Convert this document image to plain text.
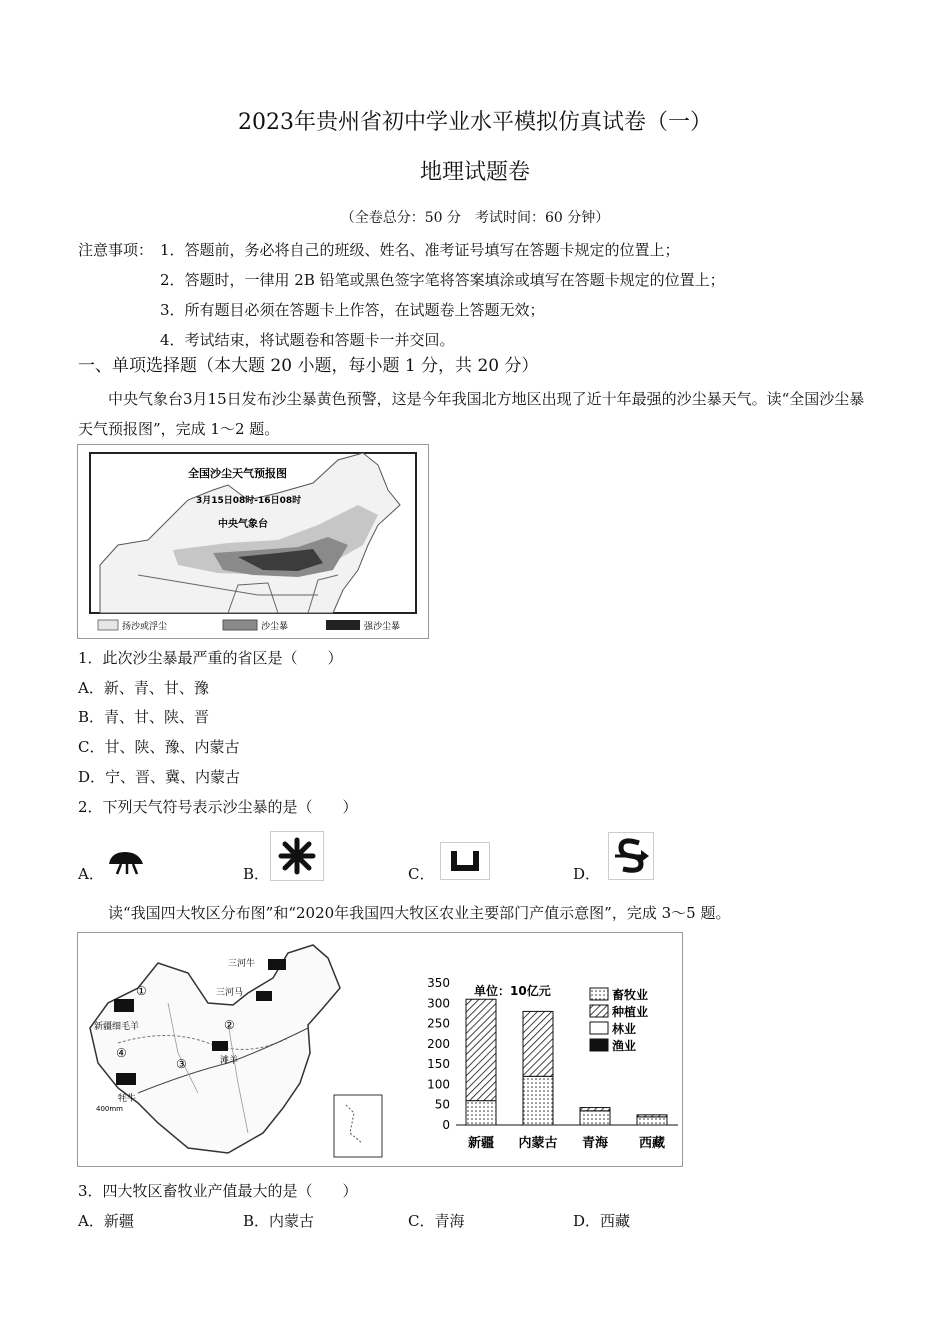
2023年贵州省初中学业水平模拟仿真试卷（一）
地理试题卷
（全卷总分：50 分　考试时间：60 分钟）
注意事项： 1．答题前，务必将自己的班级、姓名、准考证号填写在答题卡规定的位置上；
2．答题时，一律用 2B 铅笔或黑色签字笔将答案填涂或填写在答题卡规定的位置上；
3．所有题目必须在答题卡上作答，在试题卷上答题无效；
4．考试结束，将试题卷和答题卡一并交回。
一、单项选择题（本大题 20 小题，每小题 1 分，共 20 分）
中央气象台3月15日发布沙尘暴黄色预警，这是今年我国北方地区出现了近十年最强的沙尘暴天气。读“全国沙尘暴天气预报图”，完成 1～2 题。
全国沙尘天气预报图
3月15日08时-16日08时
中央气象台
扬沙或浮尘	沙尘暴	强沙尘暴
1．此次沙尘暴最严重的省区是（　　）
A．新、青、甘、豫
B．青、甘、陕、晋
C．甘、陕、豫、内蒙古
D．宁、晋、冀、内蒙古
2．下列天气符号表示沙尘暴的是（　　）
A．	B．	C．	D．
读“我国四大牧区分布图”和“2020年我国四大牧区农业主要部门产值示意图”，完成 3～5 题。
三河牛
三河马
新疆细毛羊
滩羊
牦牛
400mm
①
②
③
④
单位：10亿元
0
50
100
150
200
250
300
350
新疆 内蒙古 青海 西藏
畜牧业
种植业
林业
渔业
3．四大牧区畜牧业产值最大的是（　　）
A．新疆	B．内蒙古	C．青海	D．西藏
